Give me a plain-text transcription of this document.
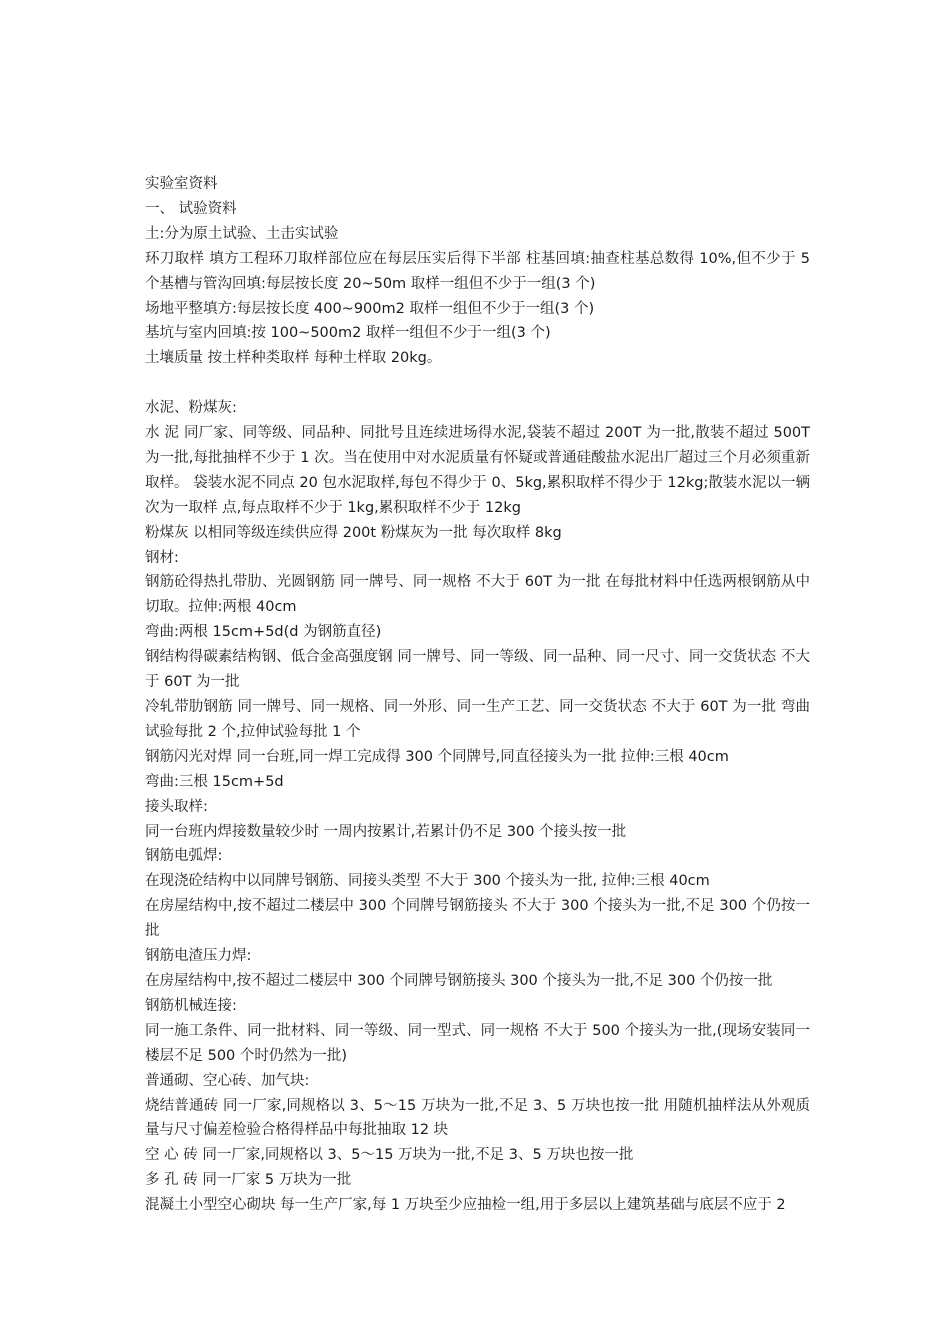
实验室资料
一、 试验资料
土:分为原土试验、土击实试验
环刀取样 填方工程环刀取样部位应在每层压实后得下半部 柱基回填:抽查柱基总数得 10%,但不少于 5 个基槽与管沟回填:每层按长度 20~50m 取样一组但不少于一组(3 个)
场地平整填方:每层按长度 400~900m2 取样一组但不少于一组(3 个)
基坑与室内回填:按 100~500m2 取样一组但不少于一组(3 个)
土壤质量 按土样种类取样 每种土样取 20kg。
水泥、粉煤灰:
水 泥 同厂家、同等级、同品种、同批号且连续进场得水泥,袋装不超过 200T 为一批,散装不超过 500T 为一批,每批抽样不少于 1 次。当在使用中对水泥质量有怀疑或普通硅酸盐水泥出厂超过三个月必须重新取样。 袋装水泥不同点 20 包水泥取样,每包不得少于 0、5kg,累积取样不得少于 12kg;散装水泥以一辆次为一取样 点,每点取样不少于 1kg,累积取样不少于 12kg
粉煤灰 以相同等级连续供应得 200t 粉煤灰为一批 每次取样 8kg
钢材:
钢筋砼得热扎带肋、光圆钢筋 同一牌号、同一规格 不大于 60T 为一批 在每批材料中任选两根钢筋从中切取。拉伸:两根 40cm
弯曲:两根 15cm+5d(d 为钢筋直径)
钢结构得碳素结构钢、低合金高强度钢 同一牌号、同一等级、同一品种、同一尺寸、同一交货状态 不大于 60T 为一批
冷轧带肋钢筋 同一牌号、同一规格、同一外形、同一生产工艺、同一交货状态 不大于 60T 为一批 弯曲试验每批 2 个,拉伸试验每批 1 个
钢筋闪光对焊 同一台班,同一焊工完成得 300 个同牌号,同直径接头为一批 拉伸:三根 40cm
弯曲:三根 15cm+5d
接头取样:
同一台班内焊接数量较少时 一周内按累计,若累计仍不足 300 个接头按一批
钢筋电弧焊:
在现浇砼结构中以同牌号钢筋、同接头类型 不大于 300 个接头为一批, 拉伸:三根 40cm
在房屋结构中,按不超过二楼层中 300 个同牌号钢筋接头 不大于 300 个接头为一批,不足 300 个仍按一批
钢筋电渣压力焊:
在房屋结构中,按不超过二楼层中 300 个同牌号钢筋接头 300 个接头为一批,不足 300 个仍按一批
钢筋机械连接:
同一施工条件、同一批材料、同一等级、同一型式、同一规格 不大于 500 个接头为一批,(现场安装同一楼层不足 500 个时仍然为一批)
普通砌、空心砖、加气块:
烧结普通砖 同一厂家,同规格以 3、5～15 万块为一批,不足 3、5 万块也按一批 用随机抽样法从外观质量与尺寸偏差检验合格得样品中每批抽取 12 块
空 心 砖 同一厂家,同规格以 3、5～15 万块为一批,不足 3、5 万块也按一批
多 孔 砖 同一厂家 5 万块为一批
混凝土小型空心砌块 每一生产厂家,每 1 万块至少应抽检一组,用于多层以上建筑基础与底层不应于 2
